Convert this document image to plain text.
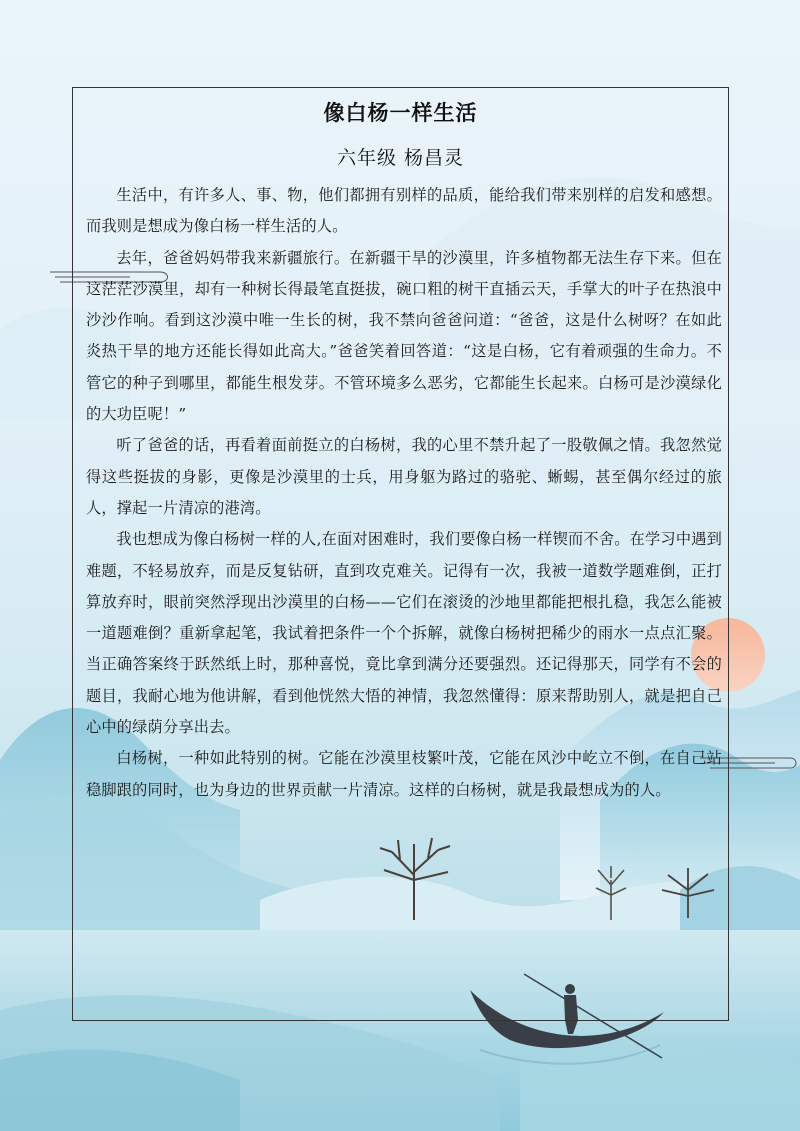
像白杨一样生活
六年级 杨昌灵

生活中，有许多人、事、物，他们都拥有别样的品质，能给我们带来别样的启发和感想。而我则是想成为像白杨一样生活的人。

去年，爸爸妈妈带我来新疆旅行。在新疆干旱的沙漠里，许多植物都无法生存下来。但在这茫茫沙漠里，却有一种树长得最笔直挺拔，碗口粗的树干直插云天，手掌大的叶子在热浪中沙沙作响。看到这沙漠中唯一生长的树，我不禁向爸爸问道：“爸爸，这是什么树呀？在如此炎热干旱的地方还能长得如此高大。”爸爸笑着回答道：“这是白杨，它有着顽强的生命力。不管它的种子到哪里，都能生根发芽。不管环境多么恶劣，它都能生长起来。白杨可是沙漠绿化的大功臣呢！”

听了爸爸的话，再看着面前挺立的白杨树，我的心里不禁升起了一股敬佩之情。我忽然觉得这些挺拔的身影，更像是沙漠里的士兵，用身躯为路过的骆驼、蜥蜴，甚至偶尔经过的旅人，撑起一片清凉的港湾。

我也想成为像白杨树一样的人,在面对困难时，我们要像白杨一样锲而不舍。在学习中遇到难题，不轻易放弃，而是反复钻研，直到攻克难关。记得有一次，我被一道数学题难倒，正打算放弃时，眼前突然浮现出沙漠里的白杨——它们在滚烫的沙地里都能把根扎稳，我怎么能被一道题难倒？重新拿起笔，我试着把条件一个个拆解，就像白杨树把稀少的雨水一点点汇聚。当正确答案终于跃然纸上时，那种喜悦，竟比拿到满分还要强烈。还记得那天，同学有不会的题目，我耐心地为他讲解，看到他恍然大悟的神情，我忽然懂得：原来帮助别人，就是把自己心中的绿荫分享出去。

白杨树，一种如此特别的树。它能在沙漠里枝繁叶茂，它能在风沙中屹立不倒，在自己站稳脚跟的同时，也为身边的世界贡献一片清凉。这样的白杨树，就是我最想成为的人。
